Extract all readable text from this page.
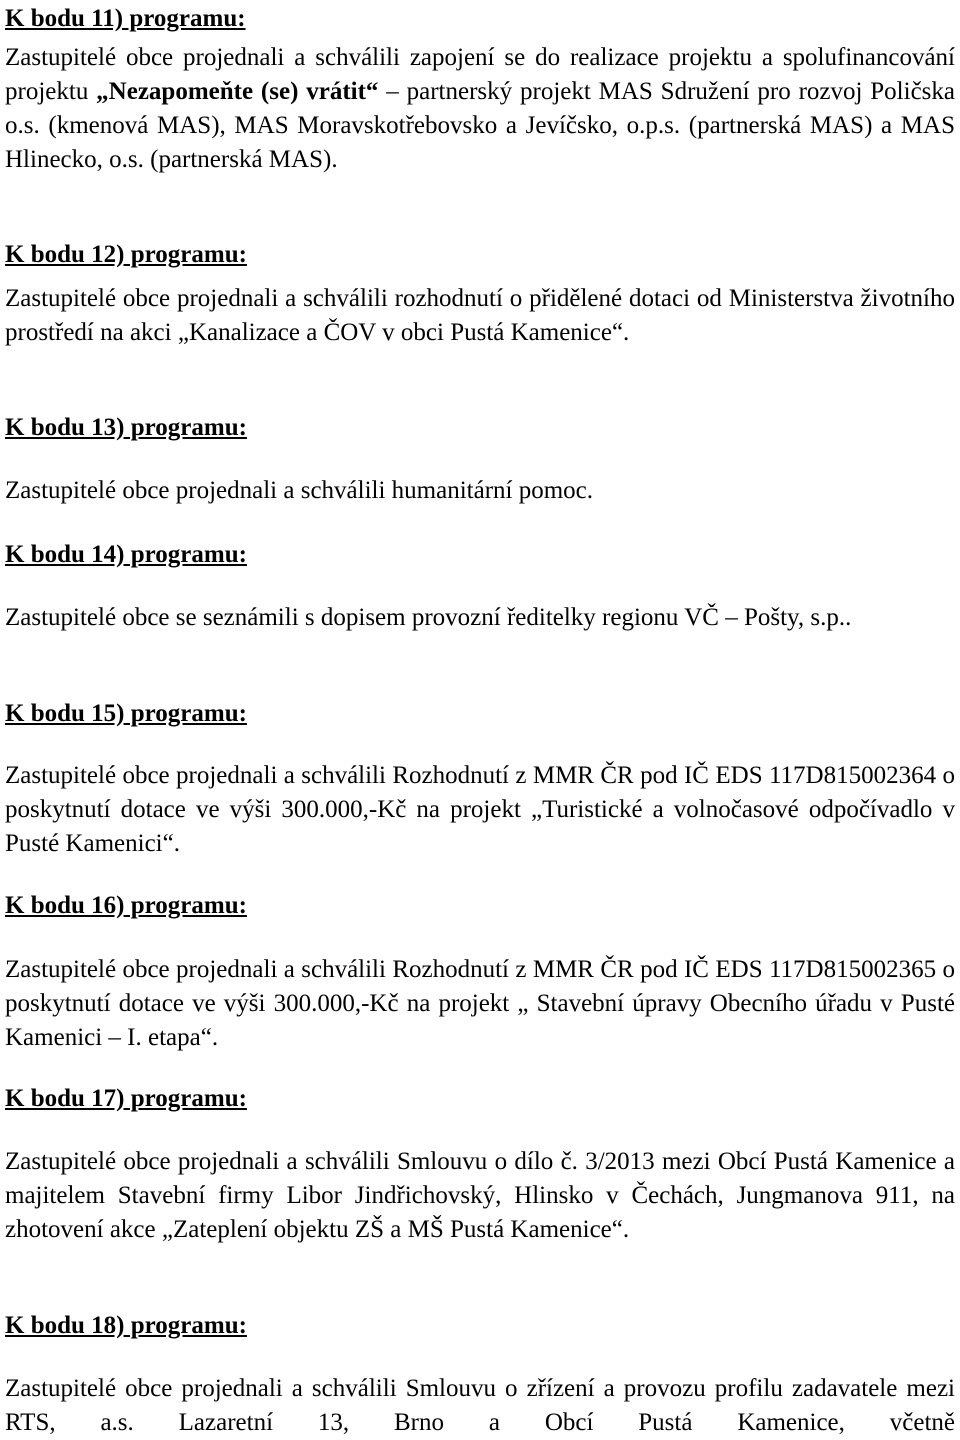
K bodu 11) programu:

Zastupitelé obce projednali a schválili zapojení se do realizace projektu a spolufinancování projektu „Nezapomeňte (se) vrátit“ – partnerský projekt MAS Sdružení pro rozvoj Poličska o.s. (kmenová MAS), MAS Moravskotřebovsko a Jevíčsko, o.p.s. (partnerská MAS) a MAS Hlinecko, o.s. (partnerská MAS).

K bodu 12) programu:

Zastupitelé obce projednali a schválili rozhodnutí o přidělené dotaci od Ministerstva životního prostředí na akci „Kanalizace a ČOV v obci Pustá Kamenice“.

K bodu 13) programu:

Zastupitelé obce projednali a schválili humanitární pomoc.

K bodu 14) programu:

Zastupitelé obce se seznámili s dopisem provozní ředitelky regionu VČ – Pošty, s.p..

K bodu 15) programu:

Zastupitelé obce projednali a schválili Rozhodnutí z MMR ČR pod IČ EDS 117D815002364 o poskytnutí dotace ve výši 300.000,-Kč na projekt „Turistické a volnočasové odpočívadlo v Pusté Kamenici“.

K bodu 16) programu:

Zastupitelé obce projednali a schválili Rozhodnutí z MMR ČR pod IČ EDS 117D815002365 o poskytnutí dotace ve výši 300.000,-Kč na projekt „ Stavební úpravy Obecního úřadu v Pusté Kamenici – I. etapa“.

K bodu 17) programu:

Zastupitelé obce projednali a schválili Smlouvu o dílo č. 3/2013 mezi Obcí Pustá Kamenice a majitelem Stavební firmy Libor Jindřichovský, Hlinsko v Čechách, Jungmanova 911, na zhotovení akce „Zateplení objektu ZŠ a MŠ Pustá Kamenice“.

K bodu 18) programu:

Zastupitelé obce projednali a schválili Smlouvu o zřízení a provozu profilu zadavatele mezi RTS, a.s. Lazaretní 13, Brno a Obcí Pustá Kamenice, včetně
